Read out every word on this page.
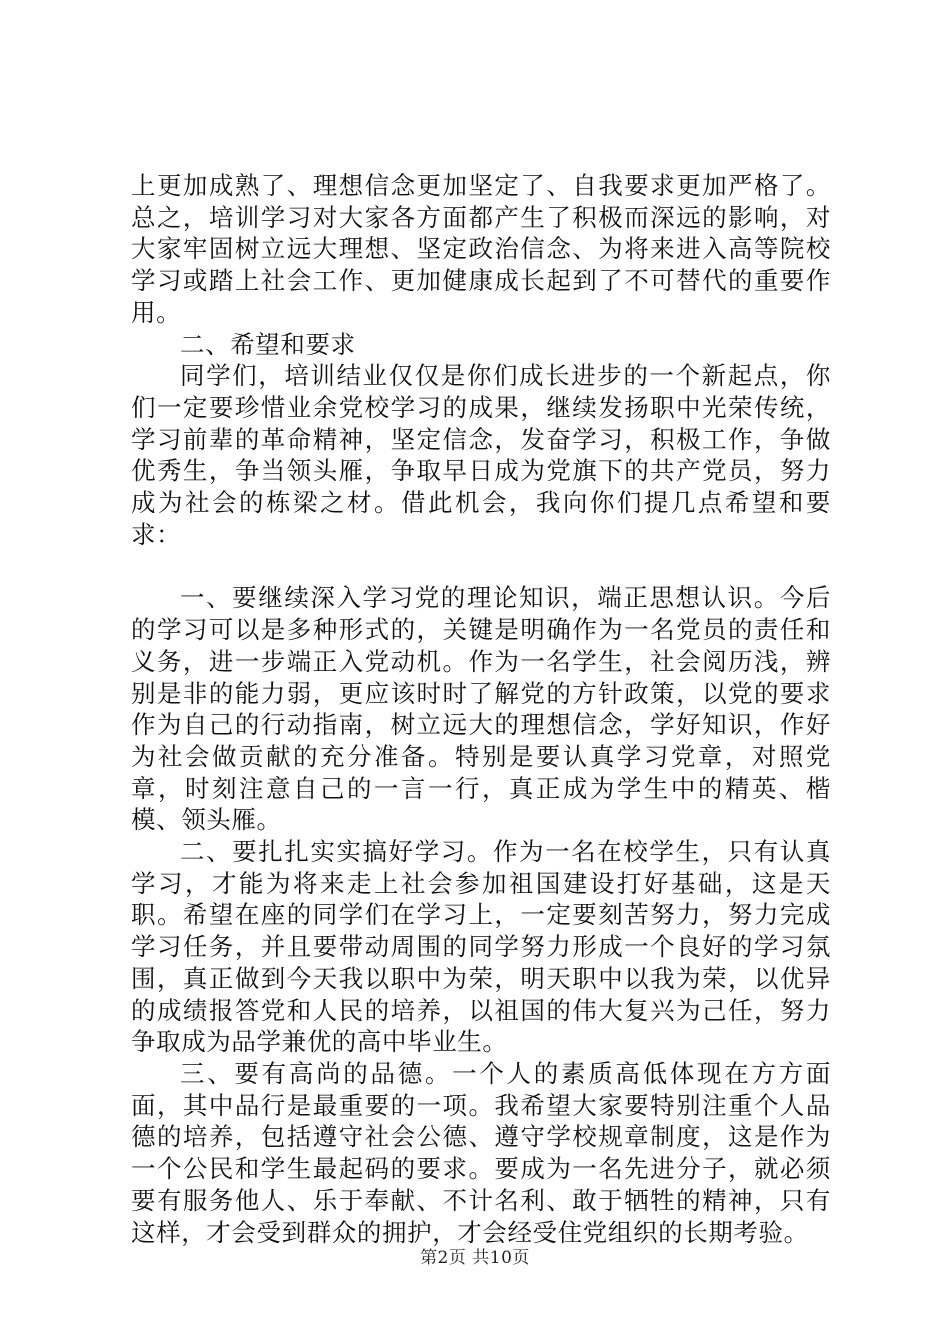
上更加成熟了、理想信念更加坚定了、自我要求更加严格了。总之，培训学习对大家各方面都产生了积极而深远的影响，对大家牢固树立远大理想、坚定政治信念、为将来进入高等院校学习或踏上社会工作、更加健康成长起到了不可替代的重要作用。

二、希望和要求

同学们，培训结业仅仅是你们成长进步的一个新起点，你们一定要珍惜业余党校学习的成果，继续发扬职中光荣传统，学习前辈的革命精神，坚定信念，发奋学习，积极工作，争做优秀生，争当领头雁，争取早日成为党旗下的共产党员，努力成为社会的栋梁之材。借此机会，我向你们提几点希望和要求：

一、要继续深入学习党的理论知识，端正思想认识。今后的学习可以是多种形式的，关键是明确作为一名党员的责任和义务，进一步端正入党动机。作为一名学生，社会阅历浅，辨别是非的能力弱，更应该时时了解党的方针政策，以党的要求作为自己的行动指南，树立远大的理想信念，学好知识，作好为社会做贡献的充分准备。特别是要认真学习党章，对照党章，时刻注意自己的一言一行，真正成为学生中的精英、楷模、领头雁。

二、要扎扎实实搞好学习。作为一名在校学生，只有认真学习，才能为将来走上社会参加祖国建设打好基础，这是天职。希望在座的同学们在学习上，一定要刻苦努力，努力完成学习任务，并且要带动周围的同学努力形成一个良好的学习氛围，真正做到今天我以职中为荣，明天职中以我为荣，以优异的成绩报答党和人民的培养，以祖国的伟大复兴为己任，努力争取成为品学兼优的高中毕业生。

三、要有高尚的品德。一个人的素质高低体现在方方面面，其中品行是最重要的一项。我希望大家要特别注重个人品德的培养，包括遵守社会公德、遵守学校规章制度，这是作为一个公民和学生最起码的要求。要成为一名先进分子，就必须要有服务他人、乐于奉献、不计名利、敢于牺牲的精神，只有这样，才会受到群众的拥护，才会经受住党组织的长期考验。

第2页 共10页
